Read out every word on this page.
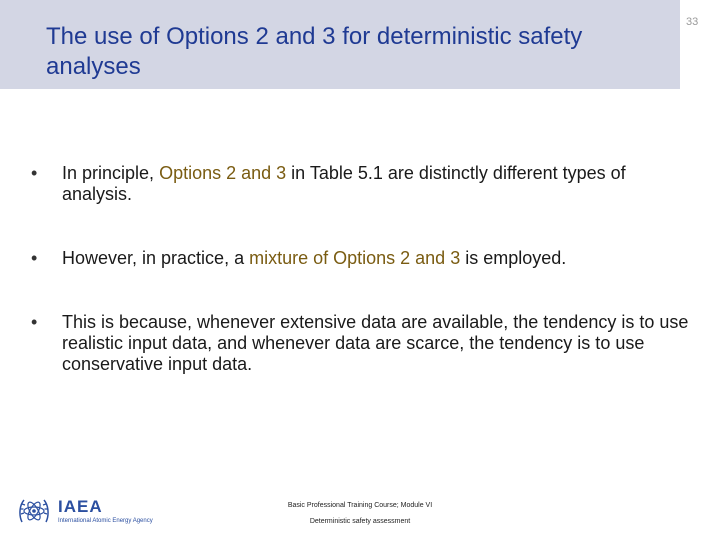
The use of Options 2 and 3 for deterministic safety analyses
33
• In principle, Options 2 and 3 in Table 5.1 are distinctly different types of analysis.
• However, in practice, a mixture of Options 2 and 3 is employed.
• This is because, whenever extensive data are available, the tendency is to use realistic input data, and whenever data are scarce, the tendency is to use conservative input data.
IAEA
International Atomic Energy Agency
Basic Professional Training Course; Module VI
Deterministic safety assessment
